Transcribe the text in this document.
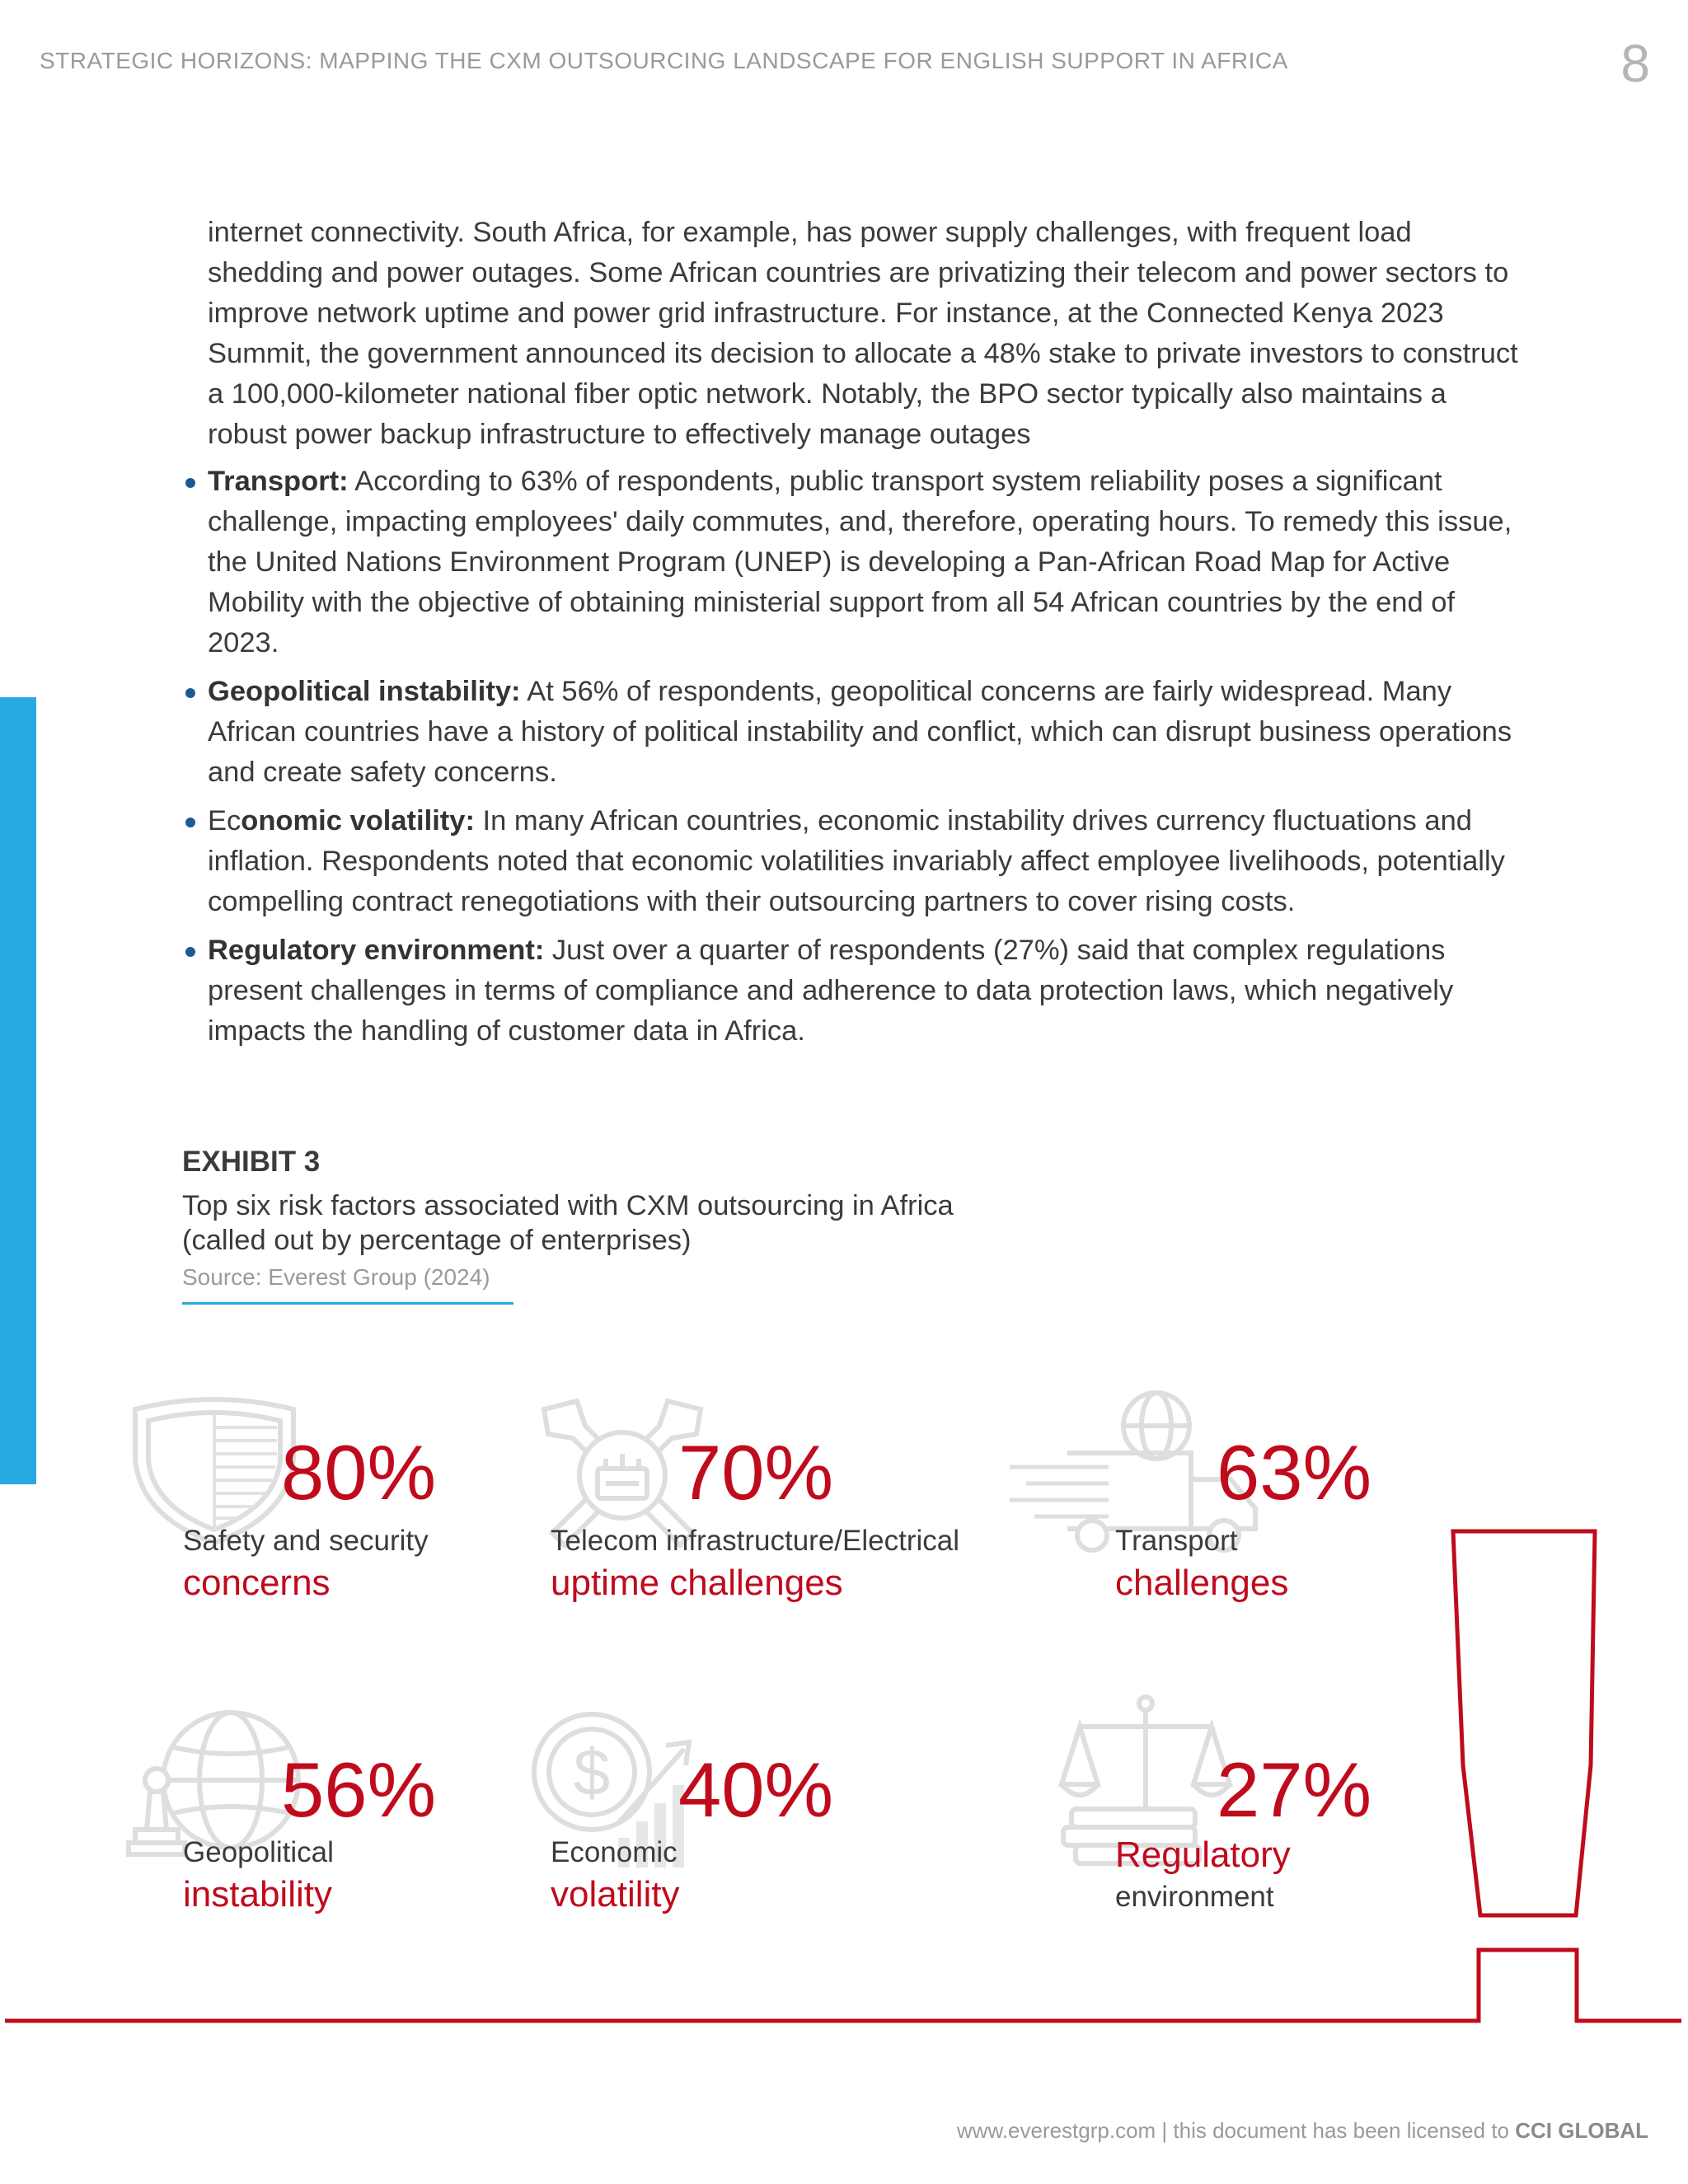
STRATEGIC HORIZONS: MAPPING THE CXM OUTSOURCING LANDSCAPE FOR ENGLISH SUPPORT IN AFRICA	8

internet connectivity. South Africa, for example, has power supply challenges, with frequent load shedding and power outages. Some African countries are privatizing their telecom and power sectors to improve network uptime and power grid infrastructure. For instance, at the Connected Kenya 2023 Summit, the government announced its decision to allocate a 48% stake to private investors to construct a 100,000-kilometer national fiber optic network. Notably, the BPO sector typically also maintains a robust power backup infrastructure to effectively manage outages

Transport: According to 63% of respondents, public transport system reliability poses a significant challenge, impacting employees' daily commutes, and, therefore, operating hours. To remedy this issue, the United Nations Environment Program (UNEP) is developing a Pan-African Road Map for Active Mobility with the objective of obtaining ministerial support from all 54 African countries by the end of 2023.
Geopolitical instability: At 56% of respondents, geopolitical concerns are fairly widespread. Many African countries have a history of political instability and conflict, which can disrupt business operations and create safety concerns.
Economic volatility: In many African countries, economic instability drives currency fluctuations and inflation. Respondents noted that economic volatilities invariably affect employee livelihoods, potentially compelling contract renegotiations with their outsourcing partners to cover rising costs.
Regulatory environment: Just over a quarter of respondents (27%) said that complex regulations present challenges in terms of compliance and adherence to data protection laws, which negatively impacts the handling of customer data in Africa.
EXHIBIT 3
Top six risk factors associated with CXM outsourcing in Africa
(called out by percentage of enterprises)
Source: Everest Group (2024)
$
80%
Safety and security
concerns
70%
Telecom infrastructure/Electrical
uptime challenges
63%
Transport
challenges
56%
Geopolitical
instability
40%
Economic
volatility
27%
Regulatory
environment
www.everestgrp.com | this document has been licensed to CCI GLOBAL
